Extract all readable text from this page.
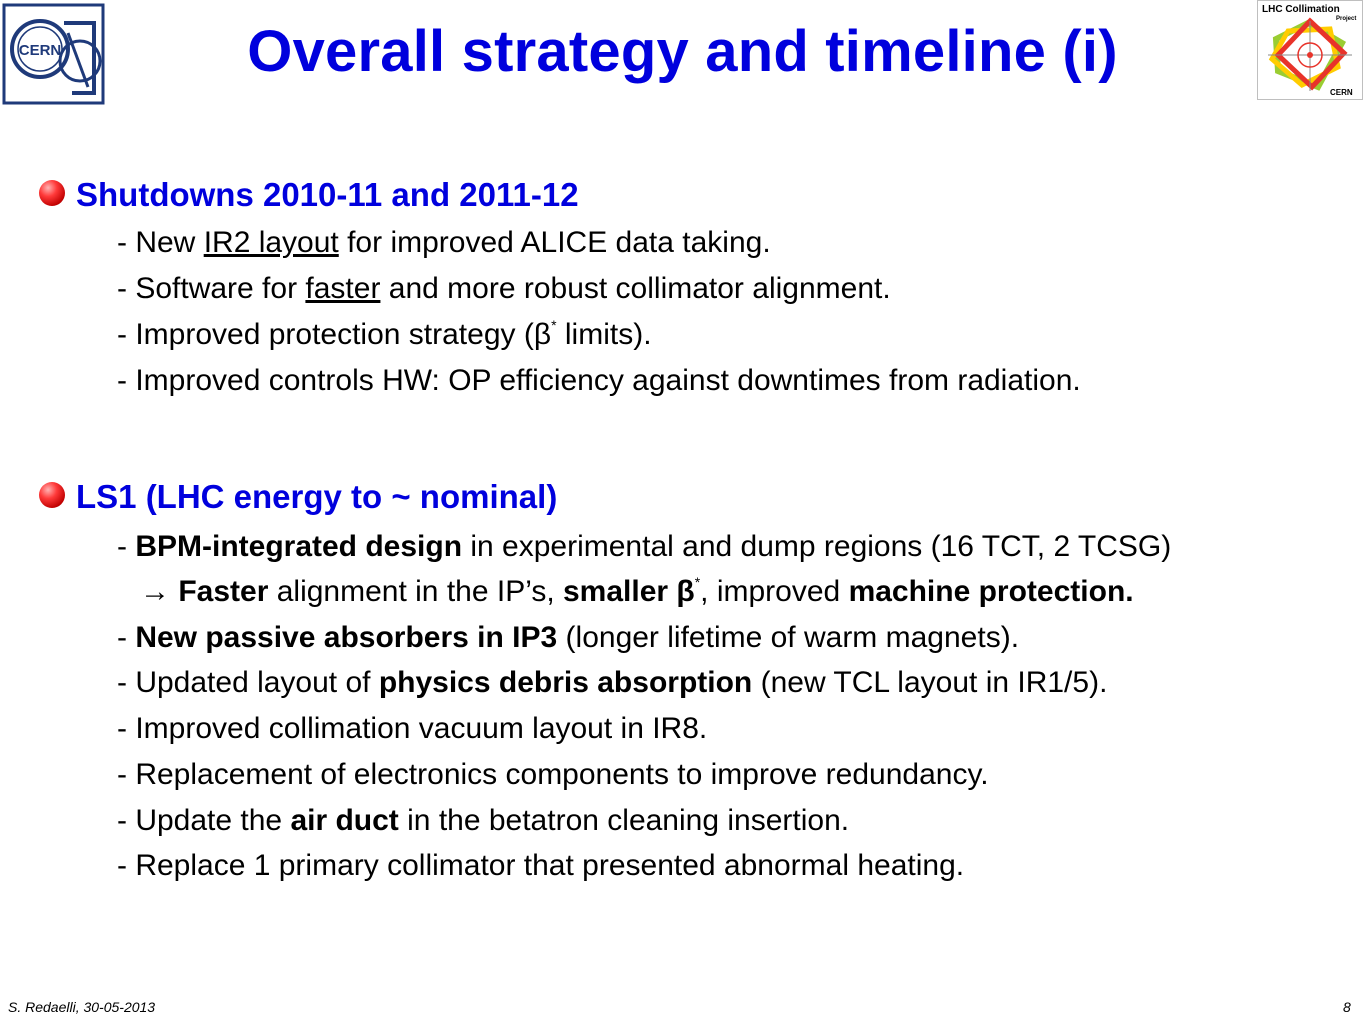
CERN	Overall strategy and timeline (i)
LHC Collimation
Project
CERN
Shutdowns 2010-11 and 2011-12
- New IR2 layout for improved ALICE data taking.
- Software for faster and more robust collimator alignment.
- Improved protection strategy (β* limits).
- Improved controls HW: OP efficiency against downtimes from radiation.
LS1 (LHC energy to ~ nominal)
- BPM-integrated design in experimental and dump regions (16 TCT, 2 TCSG)
→ Faster alignment in the IP’s, smaller β*, improved machine protection.
- New passive absorbers in IP3 (longer lifetime of warm magnets).
- Updated layout of physics debris absorption (new TCL layout in IR1/5).
- Improved collimation vacuum layout in IR8.
- Replacement of electronics components to improve redundancy.
- Update the air duct in the betatron cleaning insertion.
- Replace 1 primary collimator that presented abnormal heating.
S. Redaelli, 30-05-2013	8
